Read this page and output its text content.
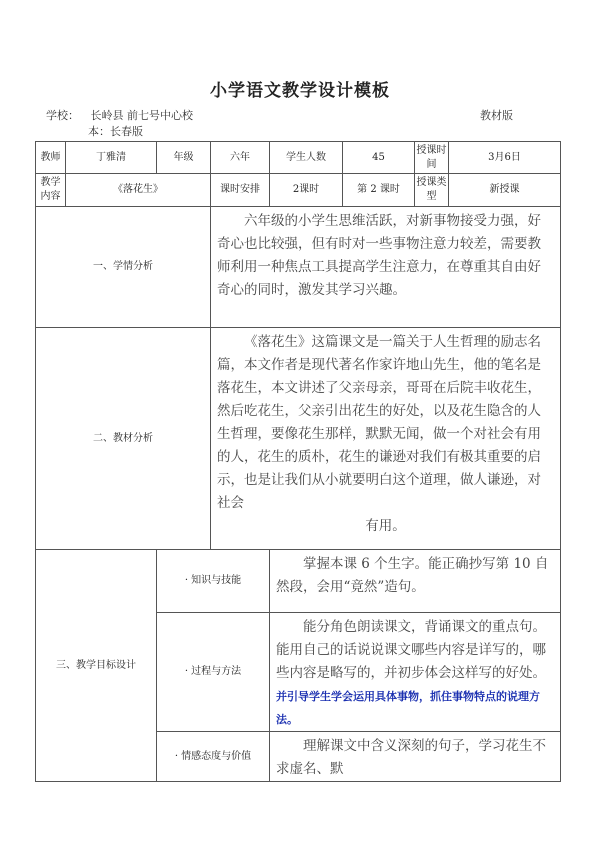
小学语文教学设计模板
学校： 长岭县 前七号中心校	教材版
本：长春版
教师	丁雅清	年级	六年	学生人数	45	授课时间	3月6日
教学内容	《落花生》		课时安排	2课时	第 2 课时	授课类型	新授课
一、学情分析			六年级的小学生思维活跃，对新事物接受力强，好奇心也比较强，但有时对一些事物注意力较差，需要教师利用一种焦点工具提高学生注意力，在尊重其自由好奇心的同时，激发其学习兴趣。				
二、教材分析			《落花生》这篇课文是一篇关于人生哲理的励志名篇，本文作者是现代著名作家许地山先生，他的笔名是落花生，本文讲述了父亲母亲，哥哥在后院丰收花生，然后吃花生，父亲引出花生的好处，以及花生隐含的人生哲理，要像花生那样，默默无闻，做一个对社会有用的人，花生的质朴，花生的谦逊对我们有极其重要的启示，也是让我们从小就要明白这个道理，做人谦逊，对社会
有用。				

三、教学目标设计		· 知识与技能		掌握本课 6 个生字。能正确抄写第 10 自然段，会用“竟然”造句。			
		· 过程与方法		能分角色朗读课文，背诵课文的重点句。能用自己的话说说课文哪些内容是详写的，哪些内容是略写的，并初步体会这样写的好处。 并引导学生学会运用具体事物，抓住事物特点的说理方法。			
		· 情感态度与价值		理解课文中含义深刻的句子，学习花生不求虚名、默			
